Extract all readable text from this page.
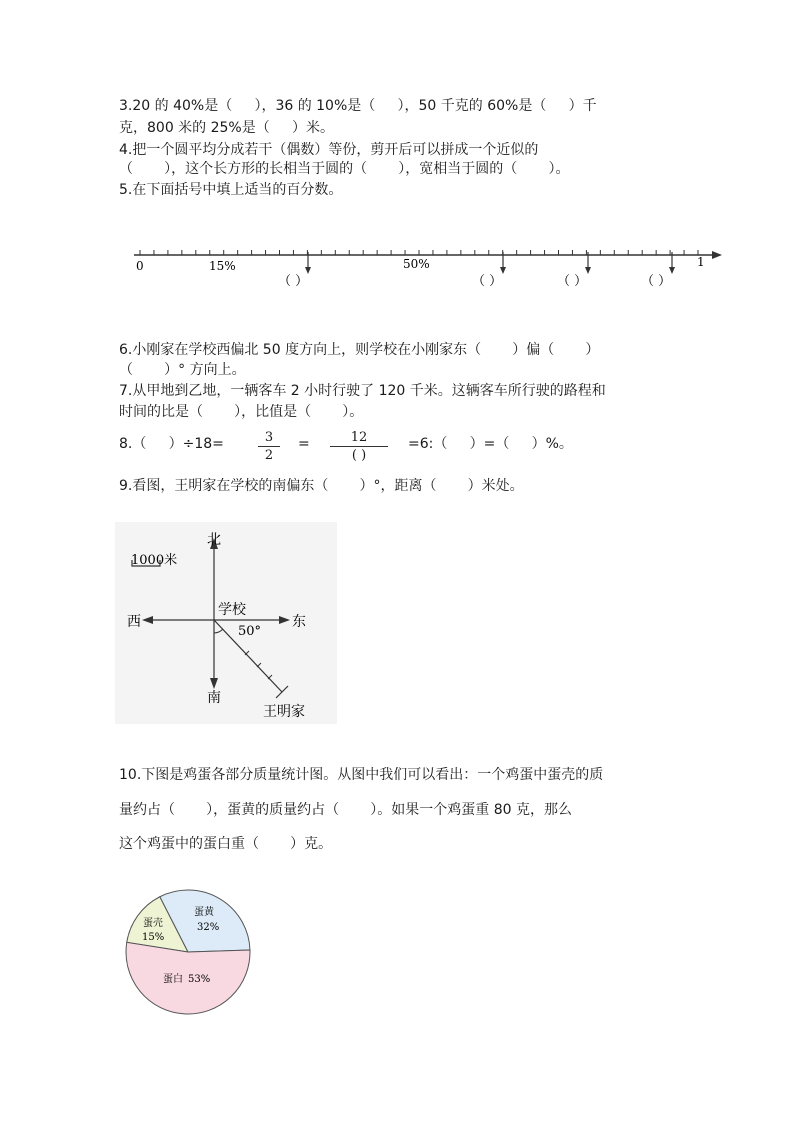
3.20 的 40%是（     ），36 的 10%是（     ），50 千克的 60%是（     ）千
克，800 米的 25%是（     ）米。
4.把一个圆平均分成若干（偶数）等份，剪开后可以拼成一个近似的
（       ），这个长方形的长相当于圆的（       ），宽相当于圆的（       ）。
5.在下面括号中填上适当的百分数。
0	15%	50%	1
（ ）	（ ）	（ ）	（ ）
6.小刚家在学校西偏北 50 度方向上，则学校在小刚家东（       ）偏（       ）
（       ）° 方向上。
7.从甲地到乙地，一辆客车 2 小时行驶了 120 千米。这辆客车所行驶的路程和
时间的比是（       ），比值是（       ）。
8.（     ）÷18=	3
2
=	12
( )
=6:（     ）=（     ）%。
9.看图，王明家在学校的南偏东（       ）°，距离（       ）米处。
1000米
北
南
西	东
学校
50°
王明家
10.下图是鸡蛋各部分质量统计图。从图中我们可以看出：一个鸡蛋中蛋壳的质
量约占（       ），蛋黄的质量约占（       ）。如果一个鸡蛋重 80 克，那么
这个鸡蛋中的蛋白重（       ）克。
蛋壳
15%
蛋黄
32%
蛋白 53%
